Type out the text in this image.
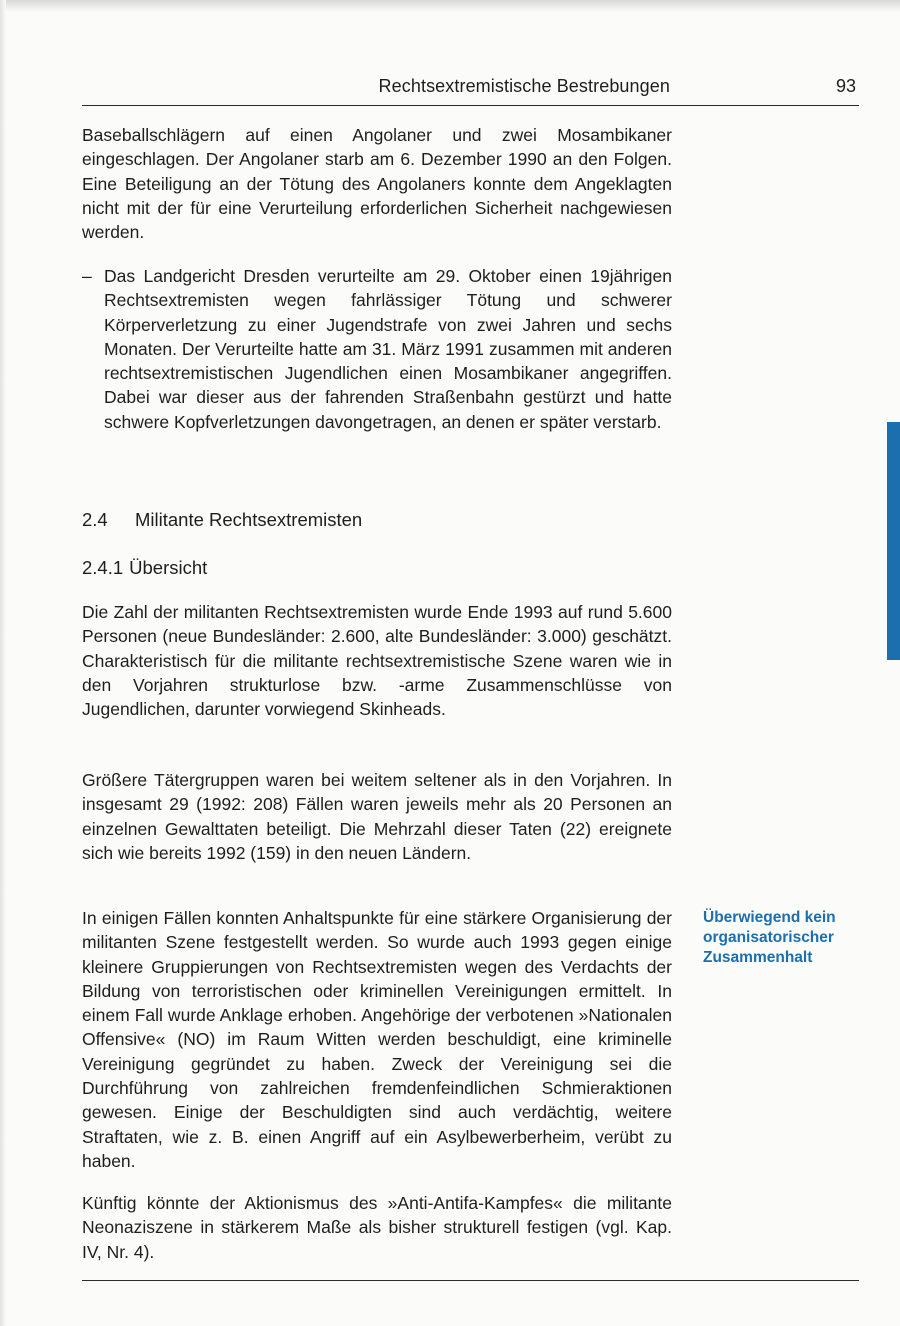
Rechtsextremistische Bestrebungen	93

Baseballschlägern auf einen Angolaner und zwei Mosambikaner eingeschlagen. Der Angolaner starb am 6. Dezember 1990 an den Folgen. Eine Beteiligung an der Tötung des Angolaners konnte dem Angeklagten nicht mit der für eine Verurteilung erforderlichen Sicherheit nachgewiesen werden.

– Das Landgericht Dresden verurteilte am 29. Oktober einen 19jährigen Rechtsextremisten wegen fahrlässiger Tötung und schwerer Körperverletzung zu einer Jugendstrafe von zwei Jahren und sechs Monaten. Der Verurteilte hatte am 31. März 1991 zusammen mit anderen rechtsextremistischen Jugendlichen einen Mosambikaner angegriffen. Dabei war dieser aus der fahrenden Straßenbahn gestürzt und hatte schwere Kopfverletzungen davongetragen, an denen er später verstarb.

2.4 Militante Rechtsextremisten
2.4.1 Übersicht

Die Zahl der militanten Rechtsextremisten wurde Ende 1993 auf rund 5.600 Personen (neue Bundesländer: 2.600, alte Bundesländer: 3.000) geschätzt. Charakteristisch für die militante rechtsextremistische Szene waren wie in den Vorjahren strukturlose bzw. -arme Zusammenschlüsse von Jugendlichen, darunter vorwiegend Skinheads.

Größere Tätergruppen waren bei weitem seltener als in den Vorjahren. In insgesamt 29 (1992: 208) Fällen waren jeweils mehr als 20 Personen an einzelnen Gewalttaten beteiligt. Die Mehrzahl dieser Taten (22) ereignete sich wie bereits 1992 (159) in den neuen Ländern.

In einigen Fällen konnten Anhaltspunkte für eine stärkere Organisierung der militanten Szene festgestellt werden. So wurde auch 1993 gegen einige kleinere Gruppierungen von Rechtsextremisten wegen des Verdachts der Bildung von terroristischen oder kriminellen Vereinigungen ermittelt. In einem Fall wurde Anklage erhoben. Angehörige der verbotenen »Nationalen Offensive« (NO) im Raum Witten werden beschuldigt, eine kriminelle Vereinigung gegründet zu haben. Zweck der Vereinigung sei die Durchführung von zahlreichen fremdenfeindlichen Schmieraktionen gewesen. Einige der Beschuldigten sind auch verdächtig, weitere Straftaten, wie z. B. einen Angriff auf ein Asylbewerberheim, verübt zu haben.

Überwiegend kein organisatorischer Zusammenhalt

Künftig könnte der Aktionismus des »Anti-Antifa-Kampfes« die militante Neonaziszene in stärkerem Maße als bisher strukturell festigen (vgl. Kap. IV, Nr. 4).
